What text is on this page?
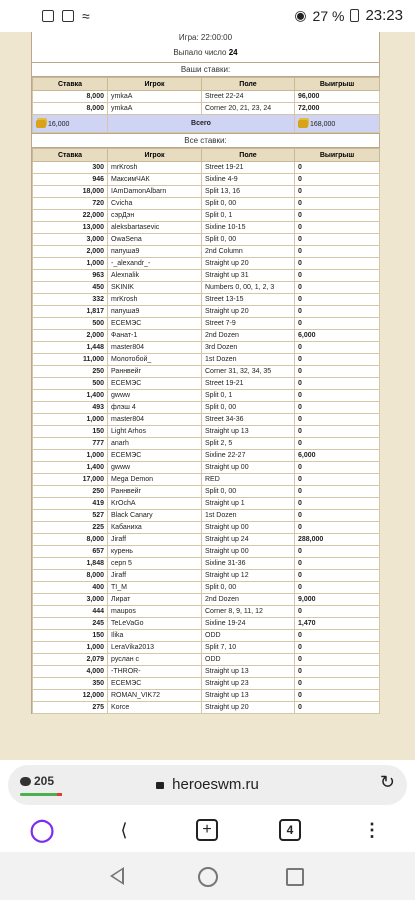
≈	◉ 27 % 23:23
Игра: 22:00:00
Выпало число 24
Ваши ставки:
Ставка	Игрок	Поле	Выигрыш
8,000	ymkaA	Street 22-24	96,000
8,000	ymkaA	Corner 20, 21, 23, 24	72,000
16,000	Всего		168,000
Все ставки:
Ставка	Игрок	Поле	Выигрыш
300	mrKrosh	Street 19-21	0
946	МаксимЧАК	Sixline 4-9	0
18,000	IAmDamonAlbarn	Split 13, 16	0
720	Cvicha	Split 0, 00	0
22,000	сэрДэн	Split 0, 1	0
13,000	aleksbartasevic	Sixline 10-15	0
3,000	OwaSena	Split 0, 00	0
2,000	папуша9	2nd Column	0
1,000	-_alexandr_-	Straight up 20	0
963	Alexnalik	Straight up 31	0
450	SKINIK	Numbers 0, 00, 1, 2, 3	0
332	mrKrosh	Street 13-15	0
1,817	папуша9	Straight up 20	0
500	ЕСЕМЭС	Street 7-9	0
2,000	Фанат-1	2nd Dozen	6,000
1,448	master804	3rd Dozen	0
11,000	Молотобой_	1st Dozen	0
250	Раннвейг	Corner 31, 32, 34, 35	0
500	ЕСЕМЭС	Street 19-21	0
1,400	gwww	Split 0, 1	0
493	флэш 4	Split 0, 00	0
1,000	master804	Street 34-36	0
150	Light Arhos	Straight up 13	0
777	anarh	Split 2, 5	0
1,000	ЕСЕМЭС	Sixline 22-27	6,000
1,400	gwww	Straight up 00	0
17,000	Mega Demon	RED	0
250	Раннвейг	Split 0, 00	0
419	KrOchA	Straight up 1	0
527	Black Canary	1st Dozen	0
225	Кабаниха	Straight up 00	0
8,000	Jiraff	Straight up 24	288,000
657	курень	Straight up 00	0
1,848	серп 5	Sixline 31-36	0
8,000	Jiraff	Straight up 12	0
400	TI_M	Split 0, 00	0
3,000	Лират	2nd Dozen	9,000
444	maupos	Corner 8, 9, 11, 12	0
245	TeLeVaGo	Sixline 19-24	1,470
150	Ilika	ODD	0
1,000	LeraVika2013	Split 7, 10	0
2,079	руслан с	ODD	0
4,000	-THROR-	Straight up 13	0
350	ЕСЕМЭС	Straight up 23	0
12,000	ROMAN_VIK72	Straight up 13	0
275	Korce	Straight up 20	0
205	heroeswm.ru	↻
◯	⟨	+	4	⋮
